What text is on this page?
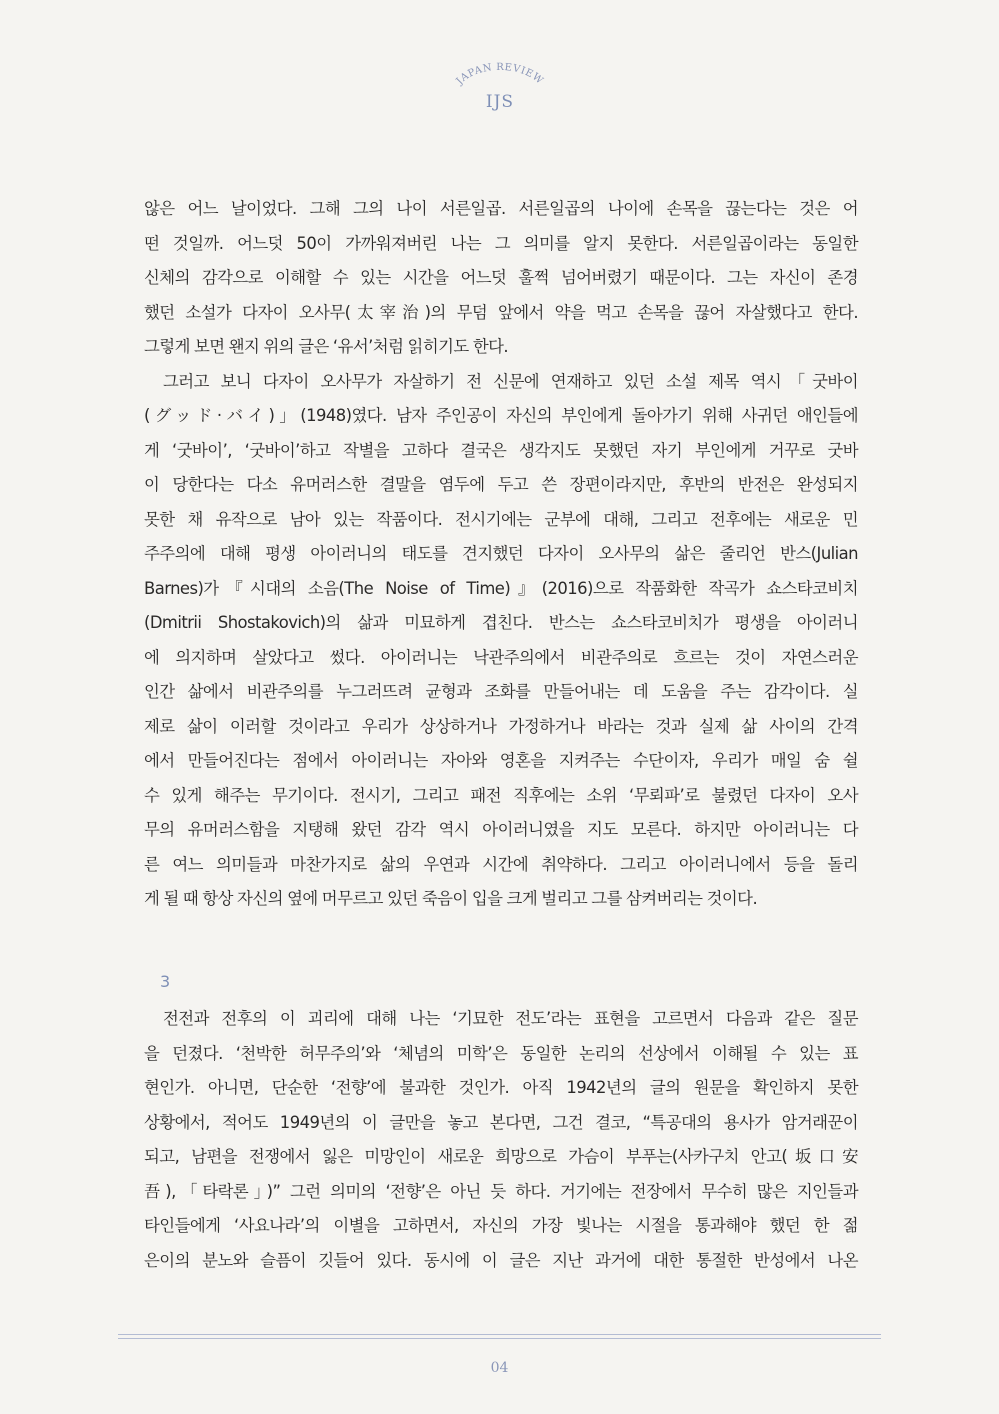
JAPAN REVIEW
IJS
않은 어느 날이었다. 그해 그의 나이 서른일곱. 서른일곱의 나이에 손목을 끊는다는 것은 어
떤 것일까. 어느덧 50이 가까워져버린 나는 그 의미를 알지 못한다. 서른일곱이라는 동일한
신체의 감각으로 이해할 수 있는 시간을 어느덧 훌쩍 넘어버렸기 때문이다. 그는 자신이 존경
했던 소설가 다자이 오사무(太宰治)의 무덤 앞에서 약을 먹고 손목을 끊어 자살했다고 한다.
그렇게 보면 왠지 위의 글은 ‘유서’처럼 읽히기도 한다.
그러고 보니 다자이 오사무가 자살하기 전 신문에 연재하고 있던 소설 제목 역시「굿바이
(グッド·バイ)」(1948)였다. 남자 주인공이 자신의 부인에게 돌아가기 위해 사귀던 애인들에
게 ‘굿바이’, ‘굿바이’하고 작별을 고하다 결국은 생각지도 못했던 자기 부인에게 거꾸로 굿바
이 당한다는 다소 유머러스한 결말을 염두에 두고 쓴 장편이라지만, 후반의 반전은 완성되지
못한 채 유작으로 남아 있는 작품이다. 전시기에는 군부에 대해, 그리고 전후에는 새로운 민
주주의에 대해 평생 아이러니의 태도를 견지했던 다자이 오사무의 삶은 줄리언 반스(Julian
Barnes)가『시대의 소음(The Noise of Time)』(2016)으로 작품화한 작곡가 쇼스타코비치
(Dmitrii Shostakovich)의 삶과 미묘하게 겹친다. 반스는 쇼스타코비치가 평생을 아이러니
에 의지하며 살았다고 썼다. 아이러니는 낙관주의에서 비관주의로 흐르는 것이 자연스러운
인간 삶에서 비관주의를 누그러뜨려 균형과 조화를 만들어내는 데 도움을 주는 감각이다. 실
제로 삶이 이러할 것이라고 우리가 상상하거나 가정하거나 바라는 것과 실제 삶 사이의 간격
에서 만들어진다는 점에서 아이러니는 자아와 영혼을 지켜주는 수단이자, 우리가 매일 숨 쉴
수 있게 해주는 무기이다. 전시기, 그리고 패전 직후에는 소위 ‘무뢰파’로 불렸던 다자이 오사
무의 유머러스함을 지탱해 왔던 감각 역시 아이러니였을 지도 모른다. 하지만 아이러니는 다
른 여느 의미들과 마찬가지로 삶의 우연과 시간에 취약하다. 그리고 아이러니에서 등을 돌리
게 될 때 항상 자신의 옆에 머무르고 있던 죽음이 입을 크게 벌리고 그를 삼켜버리는 것이다.
3
전전과 전후의 이 괴리에 대해 나는 ‘기묘한 전도’라는 표현을 고르면서 다음과 같은 질문
을 던졌다. ‘천박한 허무주의’와 ‘체념의 미학’은 동일한 논리의 선상에서 이해될 수 있는 표
현인가. 아니면, 단순한 ‘전향’에 불과한 것인가. 아직 1942년의 글의 원문을 확인하지 못한
상황에서, 적어도 1949년의 이 글만을 놓고 본다면, 그건 결코, “특공대의 용사가 암거래꾼이
되고, 남편을 전쟁에서 잃은 미망인이 새로운 희망으로 가슴이 부푸는(사카구치 안고(坂口安
吾),「타락론」)” 그런 의미의 ‘전향’은 아닌 듯 하다. 거기에는 전장에서 무수히 많은 지인들과
타인들에게 ‘사요나라’의 이별을 고하면서, 자신의 가장 빛나는 시절을 통과해야 했던 한 젊
은이의 분노와 슬픔이 깃들어 있다. 동시에 이 글은 지난 과거에 대한 통절한 반성에서 나온
04
